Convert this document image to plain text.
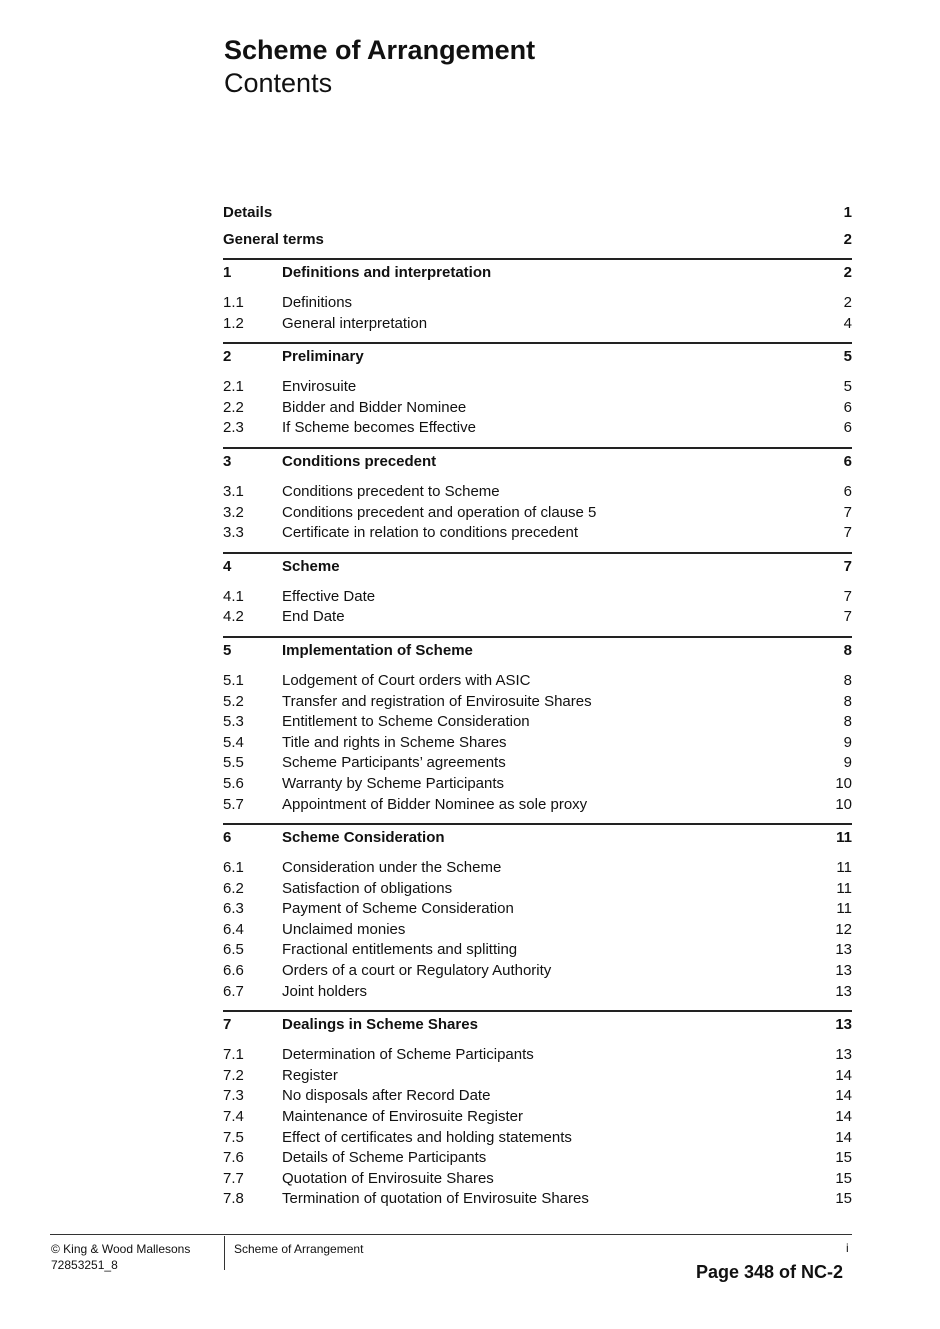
Scheme of Arrangement
Contents
Details	1
General terms	2
1	Definitions and interpretation	2
1.1	Definitions	2
1.2	General interpretation	4
2	Preliminary	5
2.1	Envirosuite	5
2.2	Bidder and Bidder Nominee	6
2.3	If Scheme becomes Effective	6
3	Conditions precedent	6
3.1	Conditions precedent to Scheme	6
3.2	Conditions precedent and operation of clause 5	7
3.3	Certificate in relation to conditions precedent	7
4	Scheme	7
4.1	Effective Date	7
4.2	End Date	7
5	Implementation of Scheme	8
5.1	Lodgement of Court orders with ASIC	8
5.2	Transfer and registration of Envirosuite Shares	8
5.3	Entitlement to Scheme Consideration	8
5.4	Title and rights in Scheme Shares	9
5.5	Scheme Participants’ agreements	9
5.6	Warranty by Scheme Participants	10
5.7	Appointment of Bidder Nominee as sole proxy	10
6	Scheme Consideration	11
6.1	Consideration under the Scheme	11
6.2	Satisfaction of obligations	11
6.3	Payment of Scheme Consideration	11
6.4	Unclaimed monies	12
6.5	Fractional entitlements and splitting	13
6.6	Orders of a court or Regulatory Authority	13
6.7	Joint holders	13
7	Dealings in Scheme Shares	13
7.1	Determination of Scheme Participants	13
7.2	Register	14
7.3	No disposals after Record Date	14
7.4	Maintenance of Envirosuite Register	14
7.5	Effect of certificates and holding statements	14
7.6	Details of Scheme Participants	15
7.7	Quotation of Envirosuite Shares	15
7.8	Termination of quotation of Envirosuite Shares	15
© King & Wood Mallesons
72853251_8
Scheme of Arrangement	i
Page 348 of NC-2
